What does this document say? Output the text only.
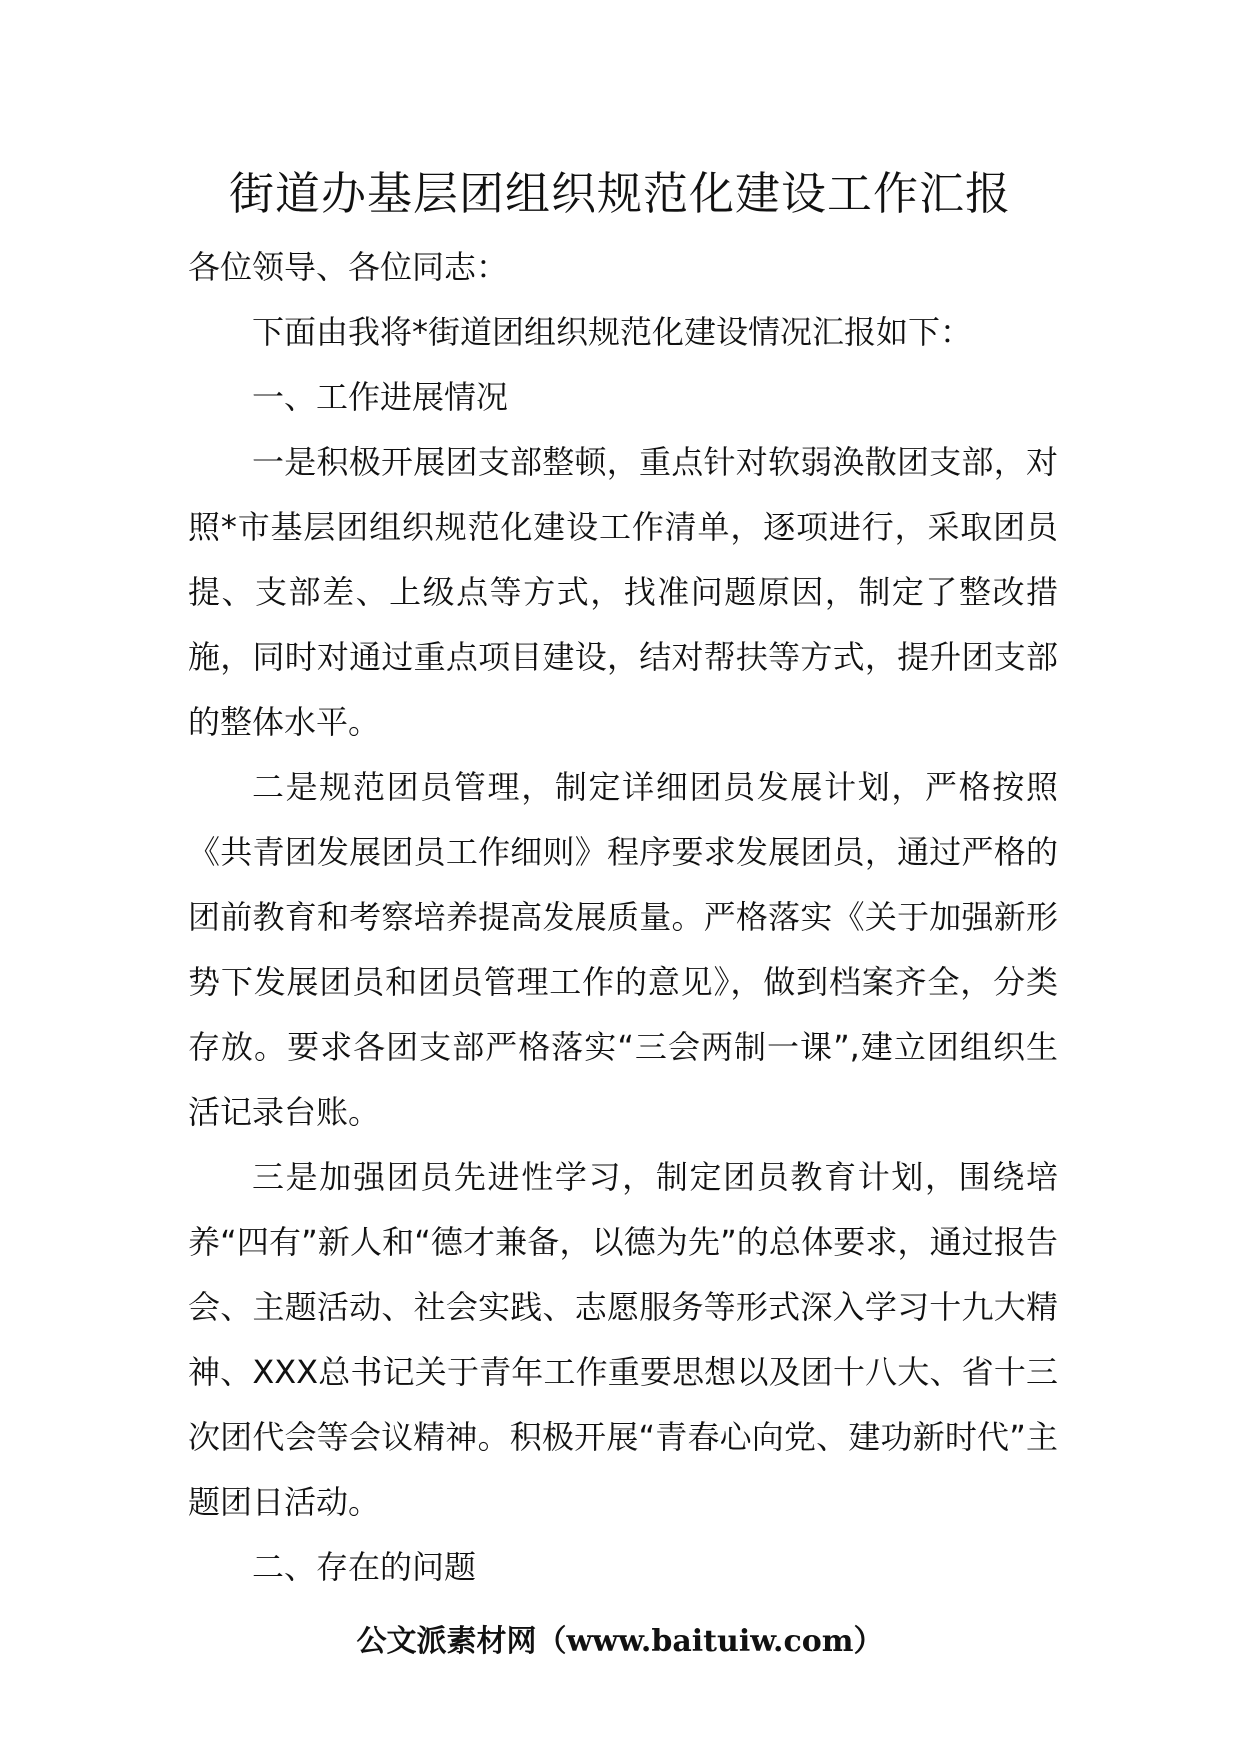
街道办基层团组织规范化建设工作汇报

各位领导、各位同志：

下面由我将*街道团组织规范化建设情况汇报如下：

一、工作进展情况

一是积极开展团支部整顿，重点针对软弱涣散团支部，对照*市基层团组织规范化建设工作清单，逐项进行，采取团员提、支部差、上级点等方式，找准问题原因，制定了整改措施，同时对通过重点项目建设，结对帮扶等方式，提升团支部的整体水平。

二是规范团员管理，制定详细团员发展计划，严格按照《共青团发展团员工作细则》程序要求发展团员，通过严格的团前教育和考察培养提高发展质量。严格落实《关于加强新形势下发展团员和团员管理工作的意见》，做到档案齐全，分类存放。要求各团支部严格落实“三会两制一课”,建立团组织生活记录台账。

三是加强团员先进性学习，制定团员教育计划，围绕培养“四有”新人和“德才兼备，以德为先”的总体要求，通过报告会、主题活动、社会实践、志愿服务等形式深入学习十九大精神、XXX总书记关于青年工作重要思想以及团十八大、省十三次团代会等会议精神。积极开展“青春心向党、建功新时代”主题团日活动。

二、存在的问题

公文派素材网（www.baituiw.com）
